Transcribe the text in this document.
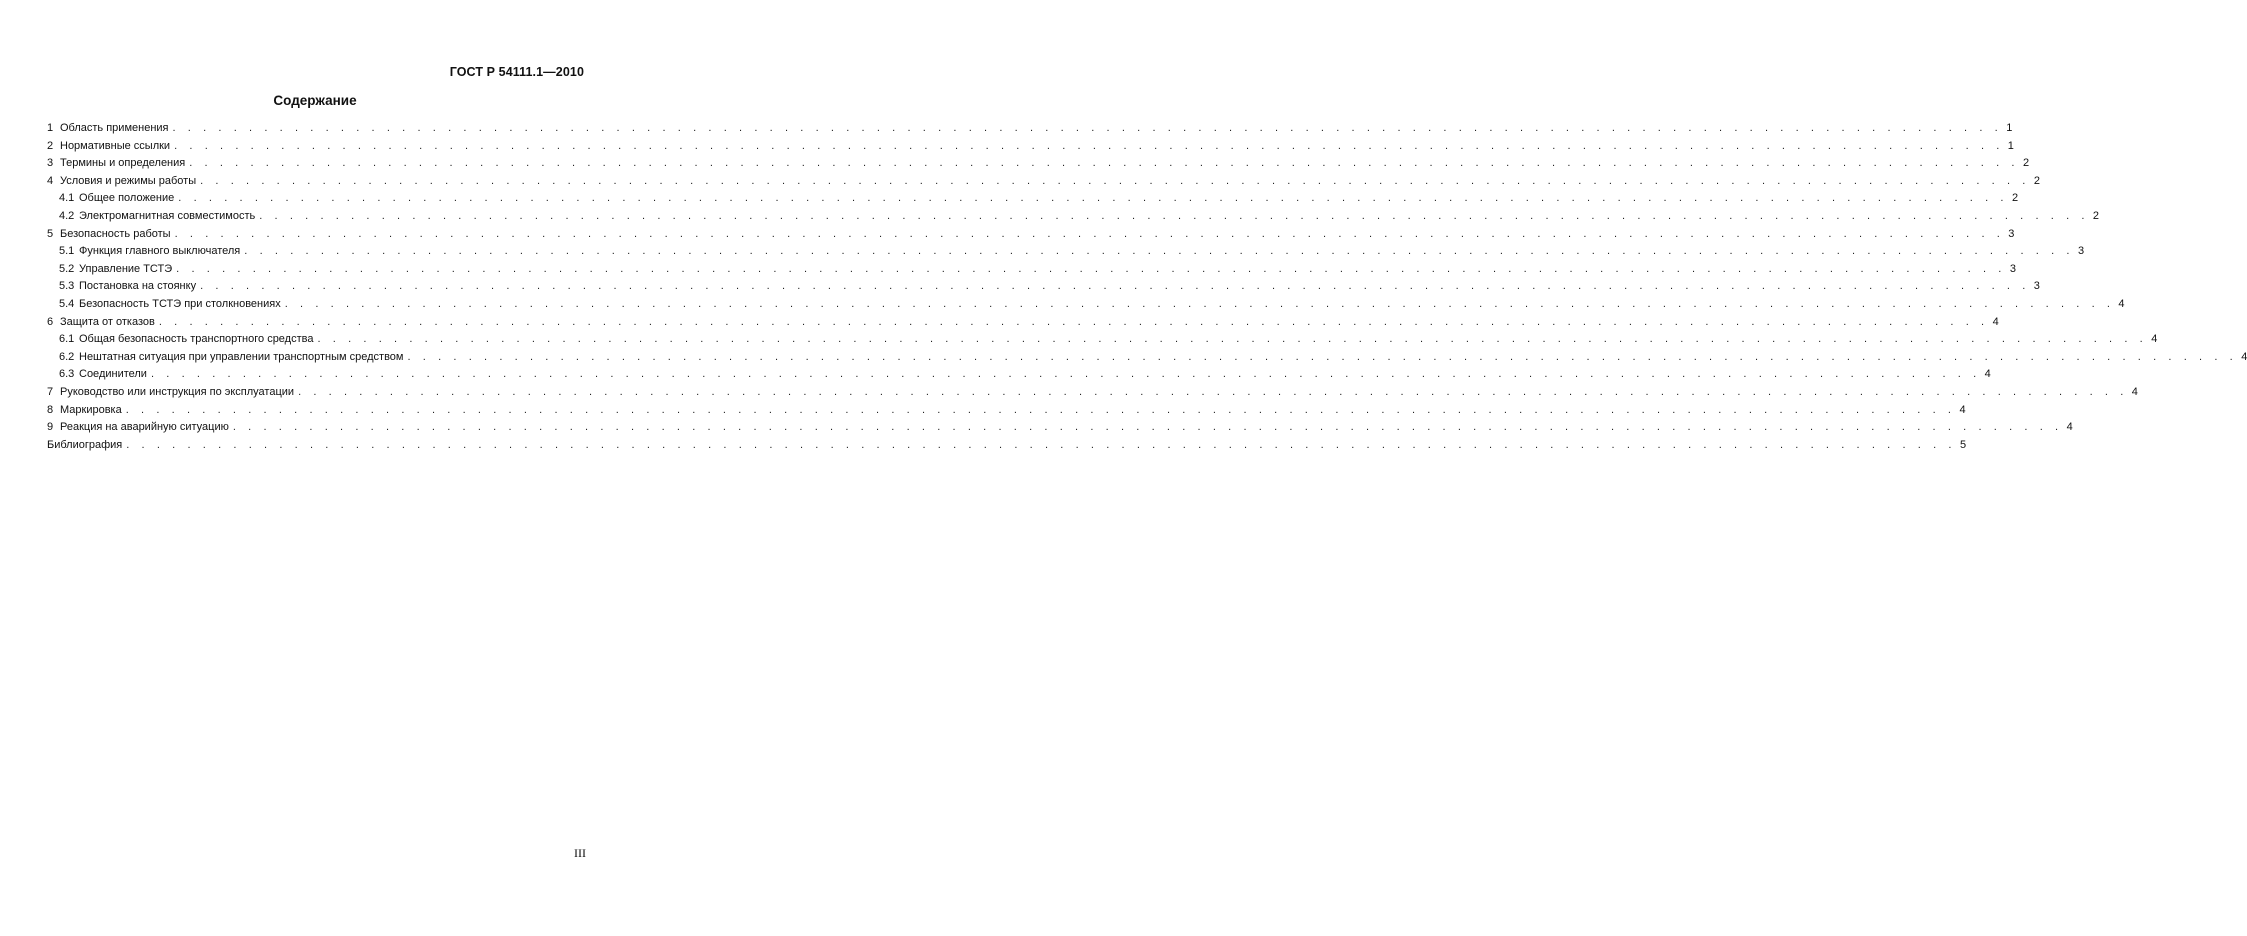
ГОСТ Р 54111.1—2010
Содержание
1 Область применения . . . . . . . . . . . . . . . . . . . . . . . . . . . . . . . . . . . . . . . . . . . . . . . . . . . . . . . . . . . . . . . . . . . . . . . . . . . . . . . . . . . . . . . . . . . . . . . . . . . . . . . . . . . . . . . . . . . . . . . . 1
2 Нормативные ссылки . . . . . . . . . . . . . . . . . . . . . . . . . . . . . . . . . . . . . . . . . . . . . . . . . . . . . . . . . . . . . . . . . . . . . . . . . . . . . . . . . . . . . . . . . . . . . . . . . . . . . . . . . . . . . . . . . . . . . . . . 1
3 Термины и определения . . . . . . . . . . . . . . . . . . . . . . . . . . . . . . . . . . . . . . . . . . . . . . . . . . . . . . . . . . . . . . . . . . . . . . . . . . . . . . . . . . . . . . . . . . . . . . . . . . . . . . . . . . . . . . . . . . . . . . . . 2
4 Условия и режимы работы . . . . . . . . . . . . . . . . . . . . . . . . . . . . . . . . . . . . . . . . . . . . . . . . . . . . . . . . . . . . . . . . . . . . . . . . . . . . . . . . . . . . . . . . . . . . . . . . . . . . . . . . . . . . . . . . . . . . . . . . 2
4.1 Общее положение . . . . . . . . . . . . . . . . . . . . . . . . . . . . . . . . . . . . . . . . . . . . . . . . . . . . . . . . . . . . . . . . . . . . . . . . . . . . . . . . . . . . . . . . . . . . . . . . . . . . . . . . . . . . . . . . . . . . . . . . 2
4.2 Электромагнитная совместимость . . . . . . . . . . . . . . . . . . . . . . . . . . . . . . . . . . . . . . . . . . . . . . . . . . . . . . . . . . . . . . . . . . . . . . . . . . . . . . . . . . . . . . . . . . . . . . . . . . . . . . . . . . . . . . . . . . . . . . . . 2
5 Безопасность работы . . . . . . . . . . . . . . . . . . . . . . . . . . . . . . . . . . . . . . . . . . . . . . . . . . . . . . . . . . . . . . . . . . . . . . . . . . . . . . . . . . . . . . . . . . . . . . . . . . . . . . . . . . . . . . . . . . . . . . . . 3
5.1 Функция главного выключателя . . . . . . . . . . . . . . . . . . . . . . . . . . . . . . . . . . . . . . . . . . . . . . . . . . . . . . . . . . . . . . . . . . . . . . . . . . . . . . . . . . . . . . . . . . . . . . . . . . . . . . . . . . . . . . . . . . . . . . . . 3
5.2 Управление ТСТЭ . . . . . . . . . . . . . . . . . . . . . . . . . . . . . . . . . . . . . . . . . . . . . . . . . . . . . . . . . . . . . . . . . . . . . . . . . . . . . . . . . . . . . . . . . . . . . . . . . . . . . . . . . . . . . . . . . . . . . . . . 3
5.3 Постановка на стоянку . . . . . . . . . . . . . . . . . . . . . . . . . . . . . . . . . . . . . . . . . . . . . . . . . . . . . . . . . . . . . . . . . . . . . . . . . . . . . . . . . . . . . . . . . . . . . . . . . . . . . . . . . . . . . . . . . . . . . . . . 3
5.4 Безопасность ТСТЭ при столкновениях . . . . . . . . . . . . . . . . . . . . . . . . . . . . . . . . . . . . . . . . . . . . . . . . . . . . . . . . . . . . . . . . . . . . . . . . . . . . . . . . . . . . . . . . . . . . . . . . . . . . . . . . . . . . . . . . . . . . . . . . 4
6 Защита от отказов . . . . . . . . . . . . . . . . . . . . . . . . . . . . . . . . . . . . . . . . . . . . . . . . . . . . . . . . . . . . . . . . . . . . . . . . . . . . . . . . . . . . . . . . . . . . . . . . . . . . . . . . . . . . . . . . . . . . . . . . 4
6.1 Общая безопасность транспортного средства . . . . . . . . . . . . . . . . . . . . . . . . . . . . . . . . . . . . . . . . . . . . . . . . . . . . . . . . . . . . . . . . . . . . . . . . . . . . . . . . . . . . . . . . . . . . . . . . . . . . . . . . . . . . . . . . . . . . . . . . 4
6.2 Нештатная ситуация при управлении транспортным средством . . . . . . . . . . . . . . . . . . . . . . . . . . . . . . . . . . . . . . . . . . . . . . . . . . . . . . . . . . . . . . . . . . . . . . . . . . . . . . . . . . . . . . . . . . . . . . . . . . . . . . . . . . . . . . . . . . . . . . . . 4
6.3 Соединители . . . . . . . . . . . . . . . . . . . . . . . . . . . . . . . . . . . . . . . . . . . . . . . . . . . . . . . . . . . . . . . . . . . . . . . . . . . . . . . . . . . . . . . . . . . . . . . . . . . . . . . . . . . . . . . . . . . . . . . . 4
7 Руководство или инструкция по эксплуатации . . . . . . . . . . . . . . . . . . . . . . . . . . . . . . . . . . . . . . . . . . . . . . . . . . . . . . . . . . . . . . . . . . . . . . . . . . . . . . . . . . . . . . . . . . . . . . . . . . . . . . . . . . . . . . . . . . . . . . . . 4
8 Маркировка . . . . . . . . . . . . . . . . . . . . . . . . . . . . . . . . . . . . . . . . . . . . . . . . . . . . . . . . . . . . . . . . . . . . . . . . . . . . . . . . . . . . . . . . . . . . . . . . . . . . . . . . . . . . . . . . . . . . . . . . 4
9 Реакция на аварийную ситуацию . . . . . . . . . . . . . . . . . . . . . . . . . . . . . . . . . . . . . . . . . . . . . . . . . . . . . . . . . . . . . . . . . . . . . . . . . . . . . . . . . . . . . . . . . . . . . . . . . . . . . . . . . . . . . . . . . . . . . . . . 4
Библиография . . . . . . . . . . . . . . . . . . . . . . . . . . . . . . . . . . . . . . . . . . . . . . . . . . . . . . . . . . . . . . . . . . . . . . . . . . . . . . . . . . . . . . . . . . . . . . . . . . . . . . . . . . . . . . . . . . . . . . . . 5
III
